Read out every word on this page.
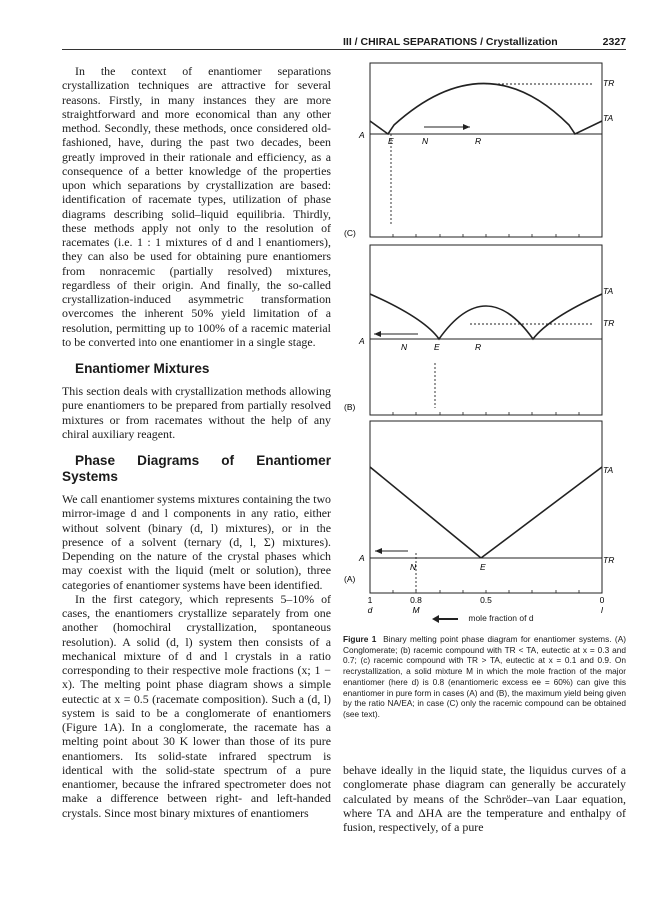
III / CHIRAL SEPARATIONS / Crystallization	2327

In the context of enantiomer separations crystallization techniques are attractive for several reasons. Firstly, in many instances they are more straightforward and more economical than any other method. Secondly, these methods, once considered old-fashioned, have, during the past two decades, been greatly improved in their rationale and efficiency, as a consequence of a better knowledge of the properties upon which separations by crystallization are based: identification of racemate types, utilization of phase diagrams describing solid–liquid equilibria. Thirdly, these methods apply not only to the resolution of racemates (i.e. 1 : 1 mixtures of d and l enantiomers), they can also be used for obtaining pure enantiomers from nonracemic (partially resolved) mixtures, regardless of their origin. And finally, the so-called crystallization-induced asymmetric transformation overcomes the inherent 50% yield limitation of a resolution, permitting up to 100% of a racemic material to be converted into one enantiomer in a single stage.

Enantiomer Mixtures

This section deals with crystallization methods allowing pure enantiomers to be prepared from partially resolved mixtures or from racemates without the help of any chiral auxiliary reagent.

Phase Diagrams of Enantiomer Systems

We call enantiomer systems mixtures containing the two mirror-image d and l components in any ratio, either without solvent (binary (d, l) mixtures), or in the presence of a solvent (ternary (d, l, Σ) mixtures). Depending on the nature of the crystal phases which may coexist with the liquid (melt or solution), three categories of enantiomer systems have been identified.

In the first category, which represents 5–10% of cases, the enantiomers crystallize separately from one another (homochiral crystallization, spontaneous resolution). A solid (d, l) system then consists of a mechanical mixture of d and l crystals in a ratio corresponding to their respective mole fractions (x; 1 − x). The melting point phase diagram shows a simple eutectic at x = 0.5 (racemate composition). Such a (d, l) system is said to be a conglomerate of enantiomers (Figure 1A). In a conglomerate, the racemate has a melting point about 30 K lower than those of its pure enantiomers. Its solid-state infrared spectrum is identical with the solid-state spectrum of a pure enantiomer, because the infrared spectrometer does not make a difference between right- and left-handed crystals. Since most binary mixtures of enantiomers

(C)
A
E	N	R
TR
TA
(B)
A
N	E	R
TA
TR
(A)
A
N	E
TA
TR
1	0.8	0.5	0
d	M	l
mole fraction of d
Figure 1 Binary melting point phase diagram for enantiomer systems. (A) Conglomerate; (b) racemic compound with TR < TA, eutectic at x = 0.3 and 0.7; (c) racemic compound with TR > TA, eutectic at x = 0.1 and 0.9. On recrystallization, a solid mixture M in which the mole fraction of the major enantiomer (here d) is 0.8 (enantiomeric excess ee = 60%) can give this enantiomer in pure form in cases (A) and (B), the maximum yield being given by the ratio NA/EA; in case (C) only the racemic compound can be obtained (see text).

behave ideally in the liquid state, the liquidus curves of a conglomerate phase diagram can generally be accurately calculated by means of the Schröder–van Laar equation, where TA and ΔHA are the temperature and enthalpy of fusion, respectively, of a pure
